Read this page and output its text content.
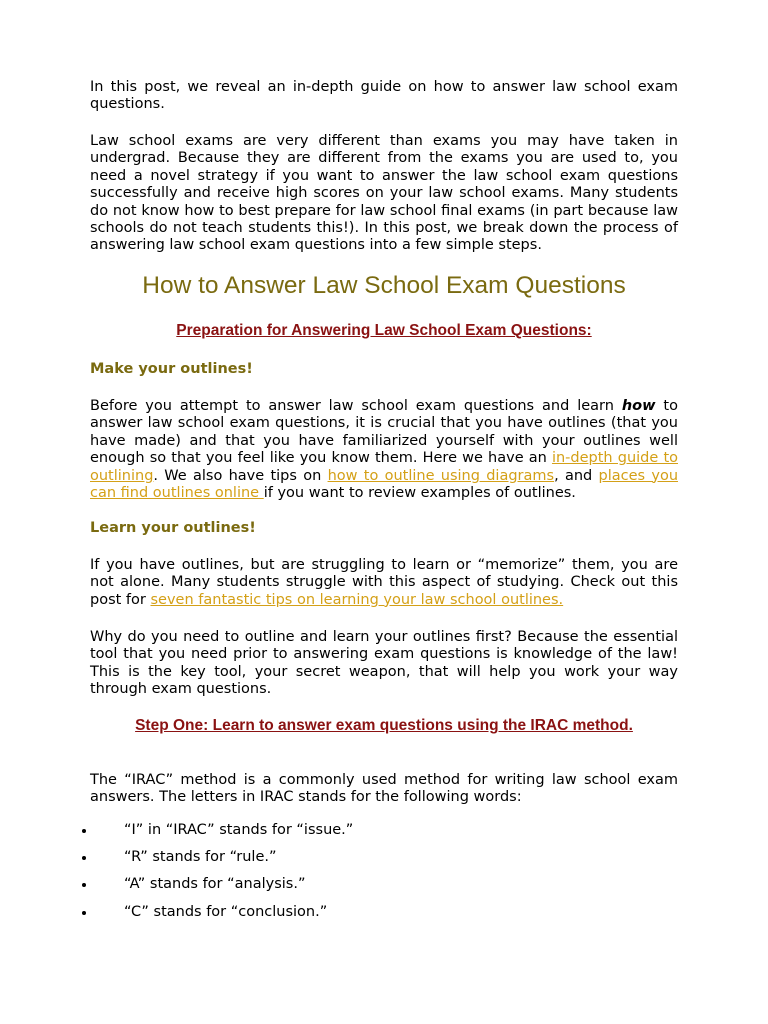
In this post, we reveal an in-depth guide on how to answer law school exam questions.

Law school exams are very different than exams you may have taken in undergrad. Because they are different from the exams you are used to, you need a novel strategy if you want to answer the law school exam questions successfully and receive high scores on your law school exams. Many students do not know how to best prepare for law school final exams (in part because law schools do not teach students this!). In this post, we break down the process of answering law school exam questions into a few simple steps.

How to Answer Law School Exam Questions
Preparation for Answering Law School Exam Questions:
Make your outlines!

Before you attempt to answer law school exam questions and learn how to answer law school exam questions, it is crucial that you have outlines (that you have made) and that you have familiarized yourself with your outlines well enough so that you feel like you know them. Here we have an in-depth guide to outlining. We also have tips on how to outline using diagrams, and places you can find outlines online if you want to review examples of outlines.

Learn your outlines!

If you have outlines, but are struggling to learn or “memorize” them, you are not alone. Many students struggle with this aspect of studying. Check out this post for seven fantastic tips on learning your law school outlines.

Why do you need to outline and learn your outlines first? Because the essential tool that you need prior to answering exam questions is knowledge of the law! This is the key tool, your secret weapon, that will help you work your way through exam questions.

Step One: Learn to answer exam questions using the IRAC method.

The “IRAC” method is a commonly used method for writing law school exam answers. The letters in IRAC stands for the following words:

“I” in “IRAC” stands for “issue.”
“R” stands for “rule.”
“A” stands for “analysis.”
“C” stands for “conclusion.”
